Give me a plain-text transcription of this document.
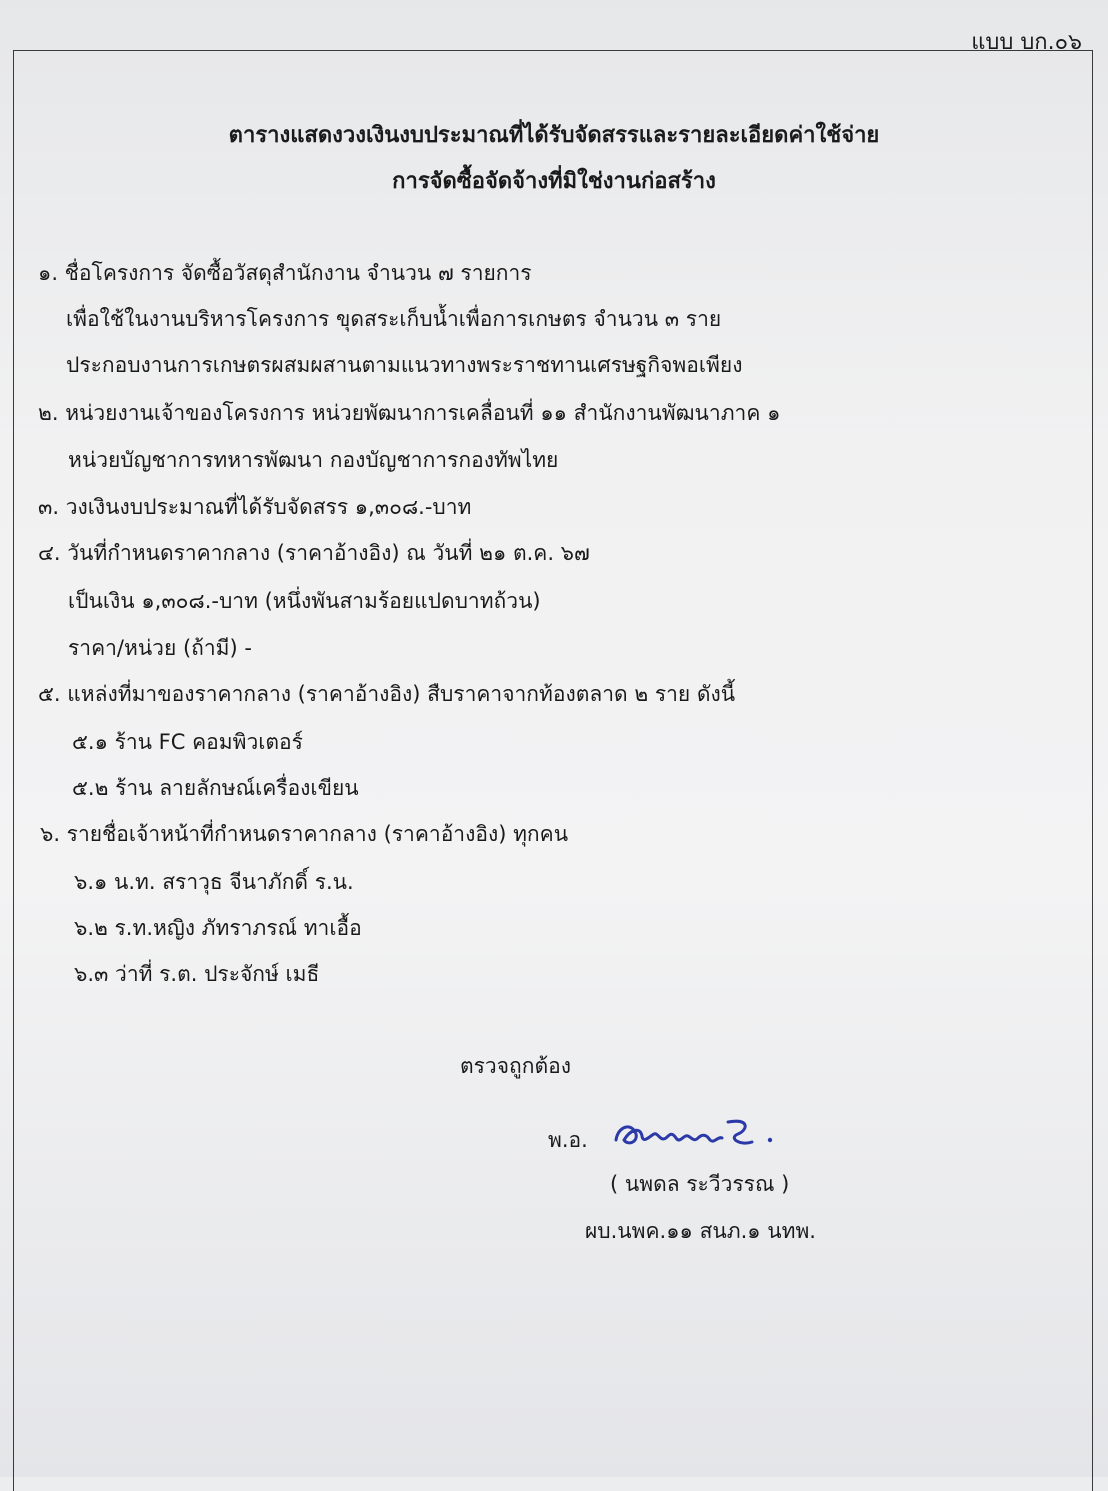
แบบ บก.๐๖
ตารางแสดงวงเงินงบประมาณที่ได้รับจัดสรรและรายละเอียดค่าใช้จ่าย
การจัดซื้อจัดจ้างที่มิใช่งานก่อสร้าง
๑. ชื่อโครงการ จัดซื้อวัสดุสำนักงาน จำนวน ๗ รายการ
เพื่อใช้ในงานบริหารโครงการ ขุดสระเก็บน้ำเพื่อการเกษตร จำนวน ๓ ราย
ประกอบงานการเกษตรผสมผสานตามแนวทางพระราชทานเศรษฐกิจพอเพียง
๒. หน่วยงานเจ้าของโครงการ หน่วยพัฒนาการเคลื่อนที่ ๑๑ สำนักงานพัฒนาภาค ๑
หน่วยบัญชาการทหารพัฒนา กองบัญชาการกองทัพไทย
๓. วงเงินงบประมาณที่ได้รับจัดสรร ๑,๓๐๘.-บาท
๔. วันที่กำหนดราคากลาง (ราคาอ้างอิง) ณ วันที่ ๒๑ ต.ค. ๖๗
เป็นเงิน ๑,๓๐๘.-บาท (หนึ่งพันสามร้อยแปดบาทถ้วน)
ราคา/หน่วย (ถ้ามี) -
๕. แหล่งที่มาของราคากลาง (ราคาอ้างอิง) สืบราคาจากท้องตลาด ๒ ราย ดังนี้
๕.๑ ร้าน FC คอมพิวเตอร์
๕.๒ ร้าน ลายลักษณ์เครื่องเขียน
๖. รายชื่อเจ้าหน้าที่กำหนดราคากลาง (ราคาอ้างอิง) ทุกคน
๖.๑ น.ท. สราวุธ จีนาภักดิ์ ร.น.
๖.๒ ร.ท.หญิง ภัทราภรณ์ ทาเอื้อ
๖.๓ ว่าที่ ร.ต. ประจักษ์ เมธี
ตรวจถูกต้อง
พ.อ.
( นพดล ระวีวรรณ )
ผบ.นพค.๑๑ สนภ.๑ นทพ.
